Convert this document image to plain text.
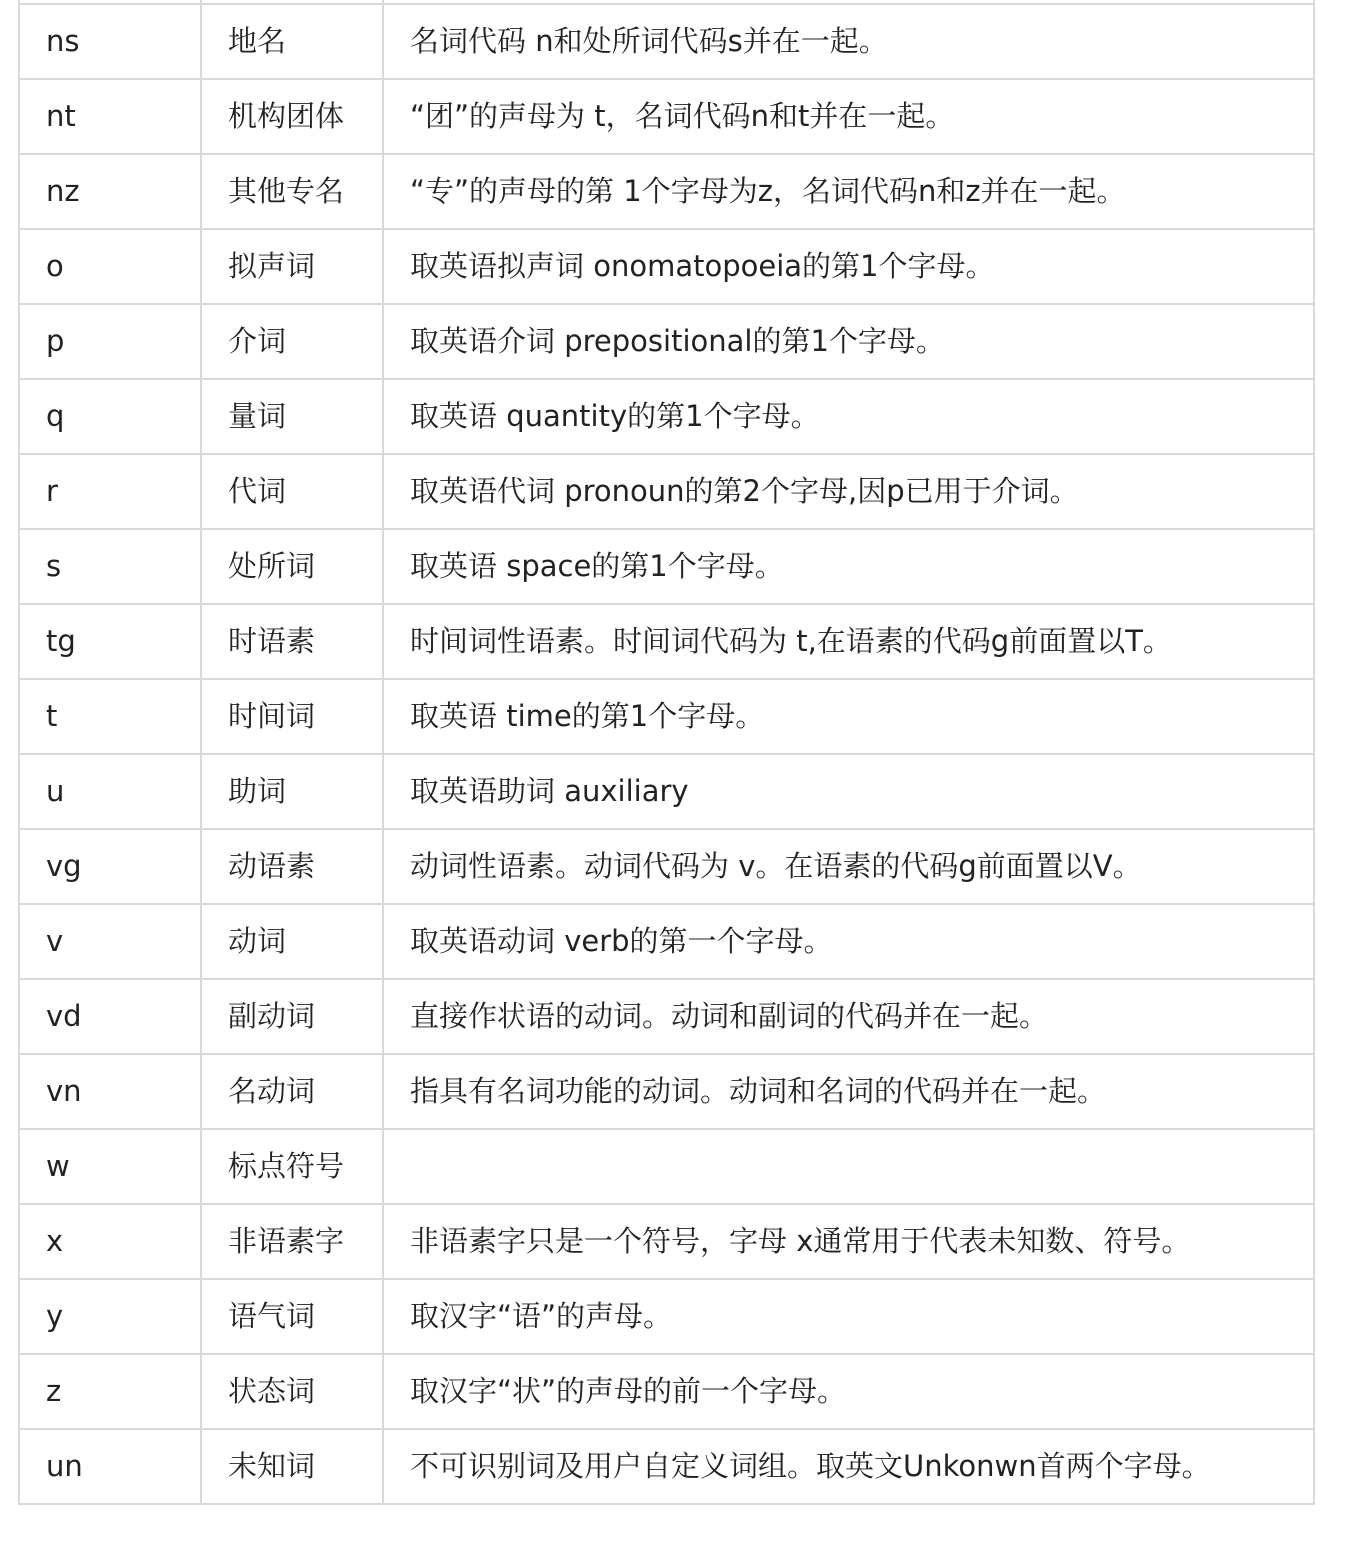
ns	地名	名词代码 n和处所词代码s并在一起。
nt	机构团体	“团”的声母为 t，名词代码n和t并在一起。
nz	其他专名	“专”的声母的第 1个字母为z，名词代码n和z并在一起。
o	拟声词	取英语拟声词 onomatopoeia的第1个字母。
p	介词	取英语介词 prepositional的第1个字母。
q	量词	取英语 quantity的第1个字母。
r	代词	取英语代词 pronoun的第2个字母,因p已用于介词。
s	处所词	取英语 space的第1个字母。
tg	时语素	时间词性语素。时间词代码为 t,在语素的代码g前面置以T。
t	时间词	取英语 time的第1个字母。
u	助词	取英语助词 auxiliary
vg	动语素	动词性语素。动词代码为 v。在语素的代码g前面置以V。
v	动词	取英语动词 verb的第一个字母。
vd	副动词	直接作状语的动词。动词和副词的代码并在一起。
vn	名动词	指具有名词功能的动词。动词和名词的代码并在一起。
w	标点符号	
x	非语素字	非语素字只是一个符号，字母 x通常用于代表未知数、符号。
y	语气词	取汉字“语”的声母。
z	状态词	取汉字“状”的声母的前一个字母。
un	未知词	不可识别词及用户自定义词组。取英文Unkonwn首两个字母。
